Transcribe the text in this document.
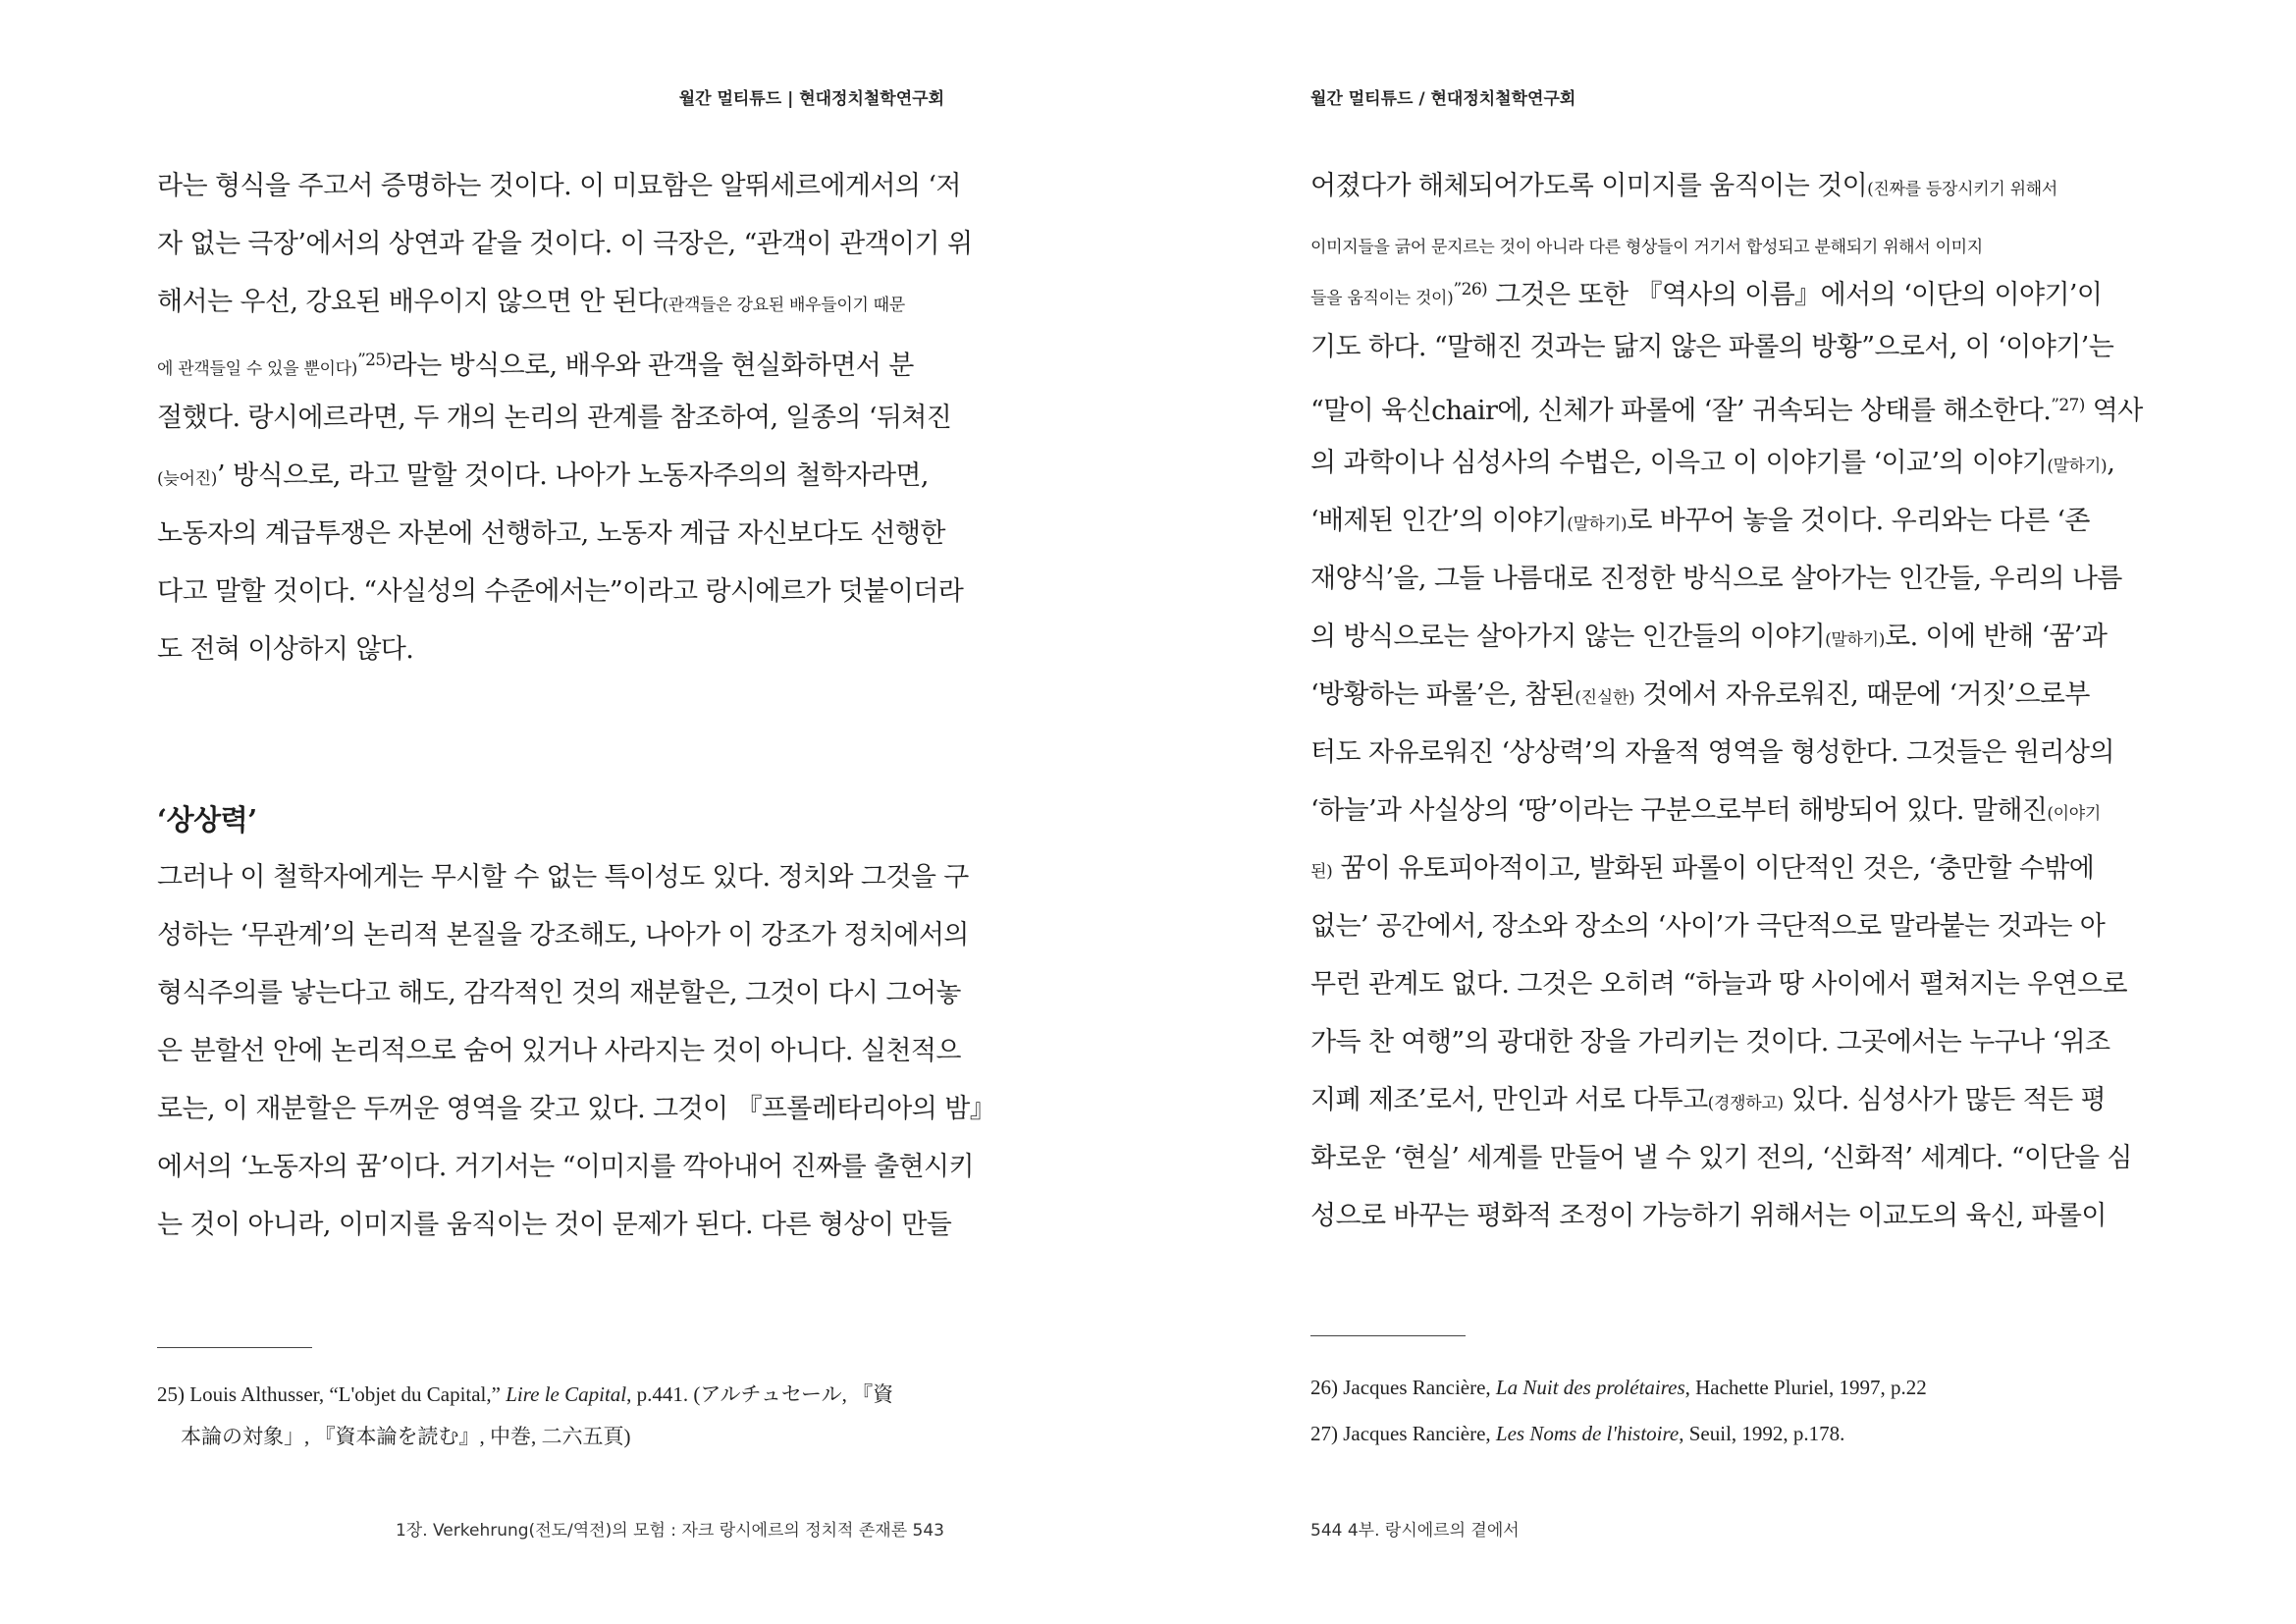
월간 멀티튜드 | 현대정치철학연구회
라는 형식을 주고서 증명하는 것이다. 이 미묘함은 알뛰세르에게서의 ‘저
자 없는 극장’에서의 상연과 같을 것이다. 이 극장은, “관객이 관객이기 위
해서는 우선, 강요된 배우이지 않으면 안 된다(관객들은 강요된 배우들이기 때문
에 관객들일 수 있을 뿐이다)$^{”25)}$라는 방식으로, 배우와 관객을 현실화하면서 분
절했다. 랑시에르라면, 두 개의 논리의 관계를 참조하여, 일종의 ‘뒤쳐진
(늦어진)’ 방식으로, 라고 말할 것이다. 나아가 노동자주의의 철학자라면,
노동자의 계급투쟁은 자본에 선행하고, 노동자 계급 자신보다도 선행한
다고 말할 것이다. “사실성의 수준에서는”이라고 랑시에르가 덧붙이더라
도 전혀 이상하지 않다.
‘상상력’
그러나 이 철학자에게는 무시할 수 없는 특이성도 있다. 정치와 그것을 구
성하는 ‘무관계’의 논리적 본질을 강조해도, 나아가 이 강조가 정치에서의
형식주의를 낳는다고 해도, 감각적인 것의 재분할은, 그것이 다시 그어놓
은 분할선 안에 논리적으로 숨어 있거나 사라지는 것이 아니다. 실천적으
로는, 이 재분할은 두꺼운 영역을 갖고 있다. 그것이 『프롤레타리아의 밤』
에서의 ‘노동자의 꿈’이다. 거기서는 “이미지를 깍아내어 진짜를 출현시키
는 것이 아니라, 이미지를 움직이는 것이 문제가 된다. 다른 형상이 만들
25) Louis Althusser, “L'objet du Capital,” Lire le Capital, p.441. (アルチュセール, 『資
本論の対象」, 『資本論を読む』, 中巻, 二六五頁)
1장. Verkehrung(전도/역전)의 모험 : 자크 랑시에르의 정치적 존재론 543
월간 멀티튜드 / 현대정치철학연구회
어졌다가 해체되어가도록 이미지를 움직이는 것이(진짜를 등장시키기 위해서
이미지들을 긁어 문지르는 것이 아니라 다른 형상들이 거기서 합성되고 분해되기 위해서 이미지
들을 움직이는 것이)$^{”26)}$ 그것은 또한 『역사의 이름』에서의 ‘이단의 이야기’이
기도 하다. “말해진 것과는 닮지 않은 파롤의 방황”으로서, 이 ‘이야기’는
“말이 육신chair에, 신체가 파롤에 ‘잘’ 귀속되는 상태를 해소한다.$^{”27)}$ 역사
의 과학이나 심성사의 수법은, 이윽고 이 이야기를 ‘이교’의 이야기(말하기),
‘배제된 인간’의 이야기(말하기)로 바꾸어 놓을 것이다. 우리와는 다른 ‘존
재양식’을, 그들 나름대로 진정한 방식으로 살아가는 인간들, 우리의 나름
의 방식으로는 살아가지 않는 인간들의 이야기(말하기)로. 이에 반해 ‘꿈’과
‘방황하는 파롤’은, 참된(진실한) 것에서 자유로워진, 때문에 ‘거짓’으로부
터도 자유로워진 ‘상상력’의 자율적 영역을 형성한다. 그것들은 원리상의
‘하늘’과 사실상의 ‘땅’이라는 구분으로부터 해방되어 있다. 말해진(이야기
된) 꿈이 유토피아적이고, 발화된 파롤이 이단적인 것은, ‘충만할 수밖에
없는’ 공간에서, 장소와 장소의 ‘사이’가 극단적으로 말라붙는 것과는 아
무런 관계도 없다. 그것은 오히려 “하늘과 땅 사이에서 펼쳐지는 우연으로
가득 찬 여행”의 광대한 장을 가리키는 것이다. 그곳에서는 누구나 ‘위조
지폐 제조’로서, 만인과 서로 다투고(경쟁하고) 있다. 심성사가 많든 적든 평
화로운 ‘현실’ 세계를 만들어 낼 수 있기 전의, ‘신화적’ 세계다. “이단을 심
성으로 바꾸는 평화적 조정이 가능하기 위해서는 이교도의 육신, 파롤이
26) Jacques Rancière, La Nuit des prolétaires, Hachette Pluriel, 1997, p.22
27) Jacques Rancière, Les Noms de l'histoire, Seuil, 1992, p.178.
544 4부. 랑시에르의 곁에서
